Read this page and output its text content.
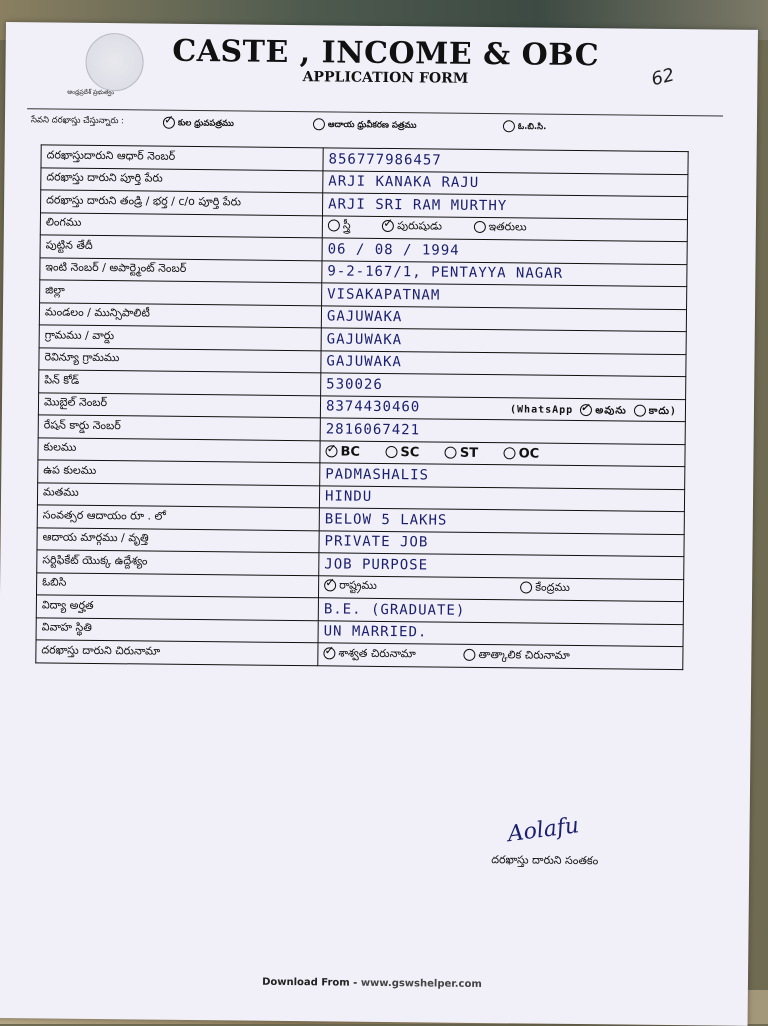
ఆంధ్రప్రదేశ్ ప్రభుత్వం
CASTE , INCOME & OBC
APPLICATION FORM	62
సేవని దరఖాస్తు చేస్తున్నారు : ✓	కుల ధ్రువపత్రము	ఆదాయ ధ్రువీకరణ పత్రము	ఓ.బి.సి.
దరఖాస్తుదారుని ఆధార్ నెంబర్	856777986457
దరఖాస్తు దారుని పూర్తి పేరు	ARJI KANAKA RAJU
దరఖాస్తు దారుని తండ్రి / భర్త / c/o పూర్తి పేరు	ARJI SRI RAM MURTHY
లింగము	స్త్రీ ✓ పురుషుడు ఇతరులు
పుట్టిన తేదీ	06 / 08 / 1994
ఇంటి నెంబర్ / అపార్ట్మెంట్ నెంబర్	9-2-167/1, PENTAYYA NAGAR
జిల్లా	VISAKAPATNAM
మండలం / మున్సిపాలిటీ	GAJUWAKA
గ్రామము / వార్డు	GAJUWAKA
రెవిన్యూ గ్రామము	GAJUWAKA
పిన్ కోడ్	530026
మొబైల్ నెంబర్	8374430460 (WhatsApp ✓ అవును కాదు)

రేషన్ కార్డు నెంబర్	2816067421
కులము	✓BC SC ST OC
ఉప కులము	PADMASHALIS
మతము	HINDU
సంవత్సర ఆదాయం రూ . లో	BELOW 5 LAKHS
ఆదాయ మార్గము / వృత్తి	PRIVATE JOB
సర్టిఫికేట్ యొక్క ఉద్దేశ్యం	JOB PURPOSE
ఓబిసి	✓రాష్ట్రము కేంద్రము
విద్యా అర్హత	B.E. (GRADUATE)
వివాహ స్థితి	UN MARRIED.
దరఖాస్తు దారుని చిరునామా	✓శాశ్వత చిరునామా తాత్కాలిక చిరునామా
Aolafu
దరఖాస్తు దారుని సంతకం
Download From - www.gswshelper.com
